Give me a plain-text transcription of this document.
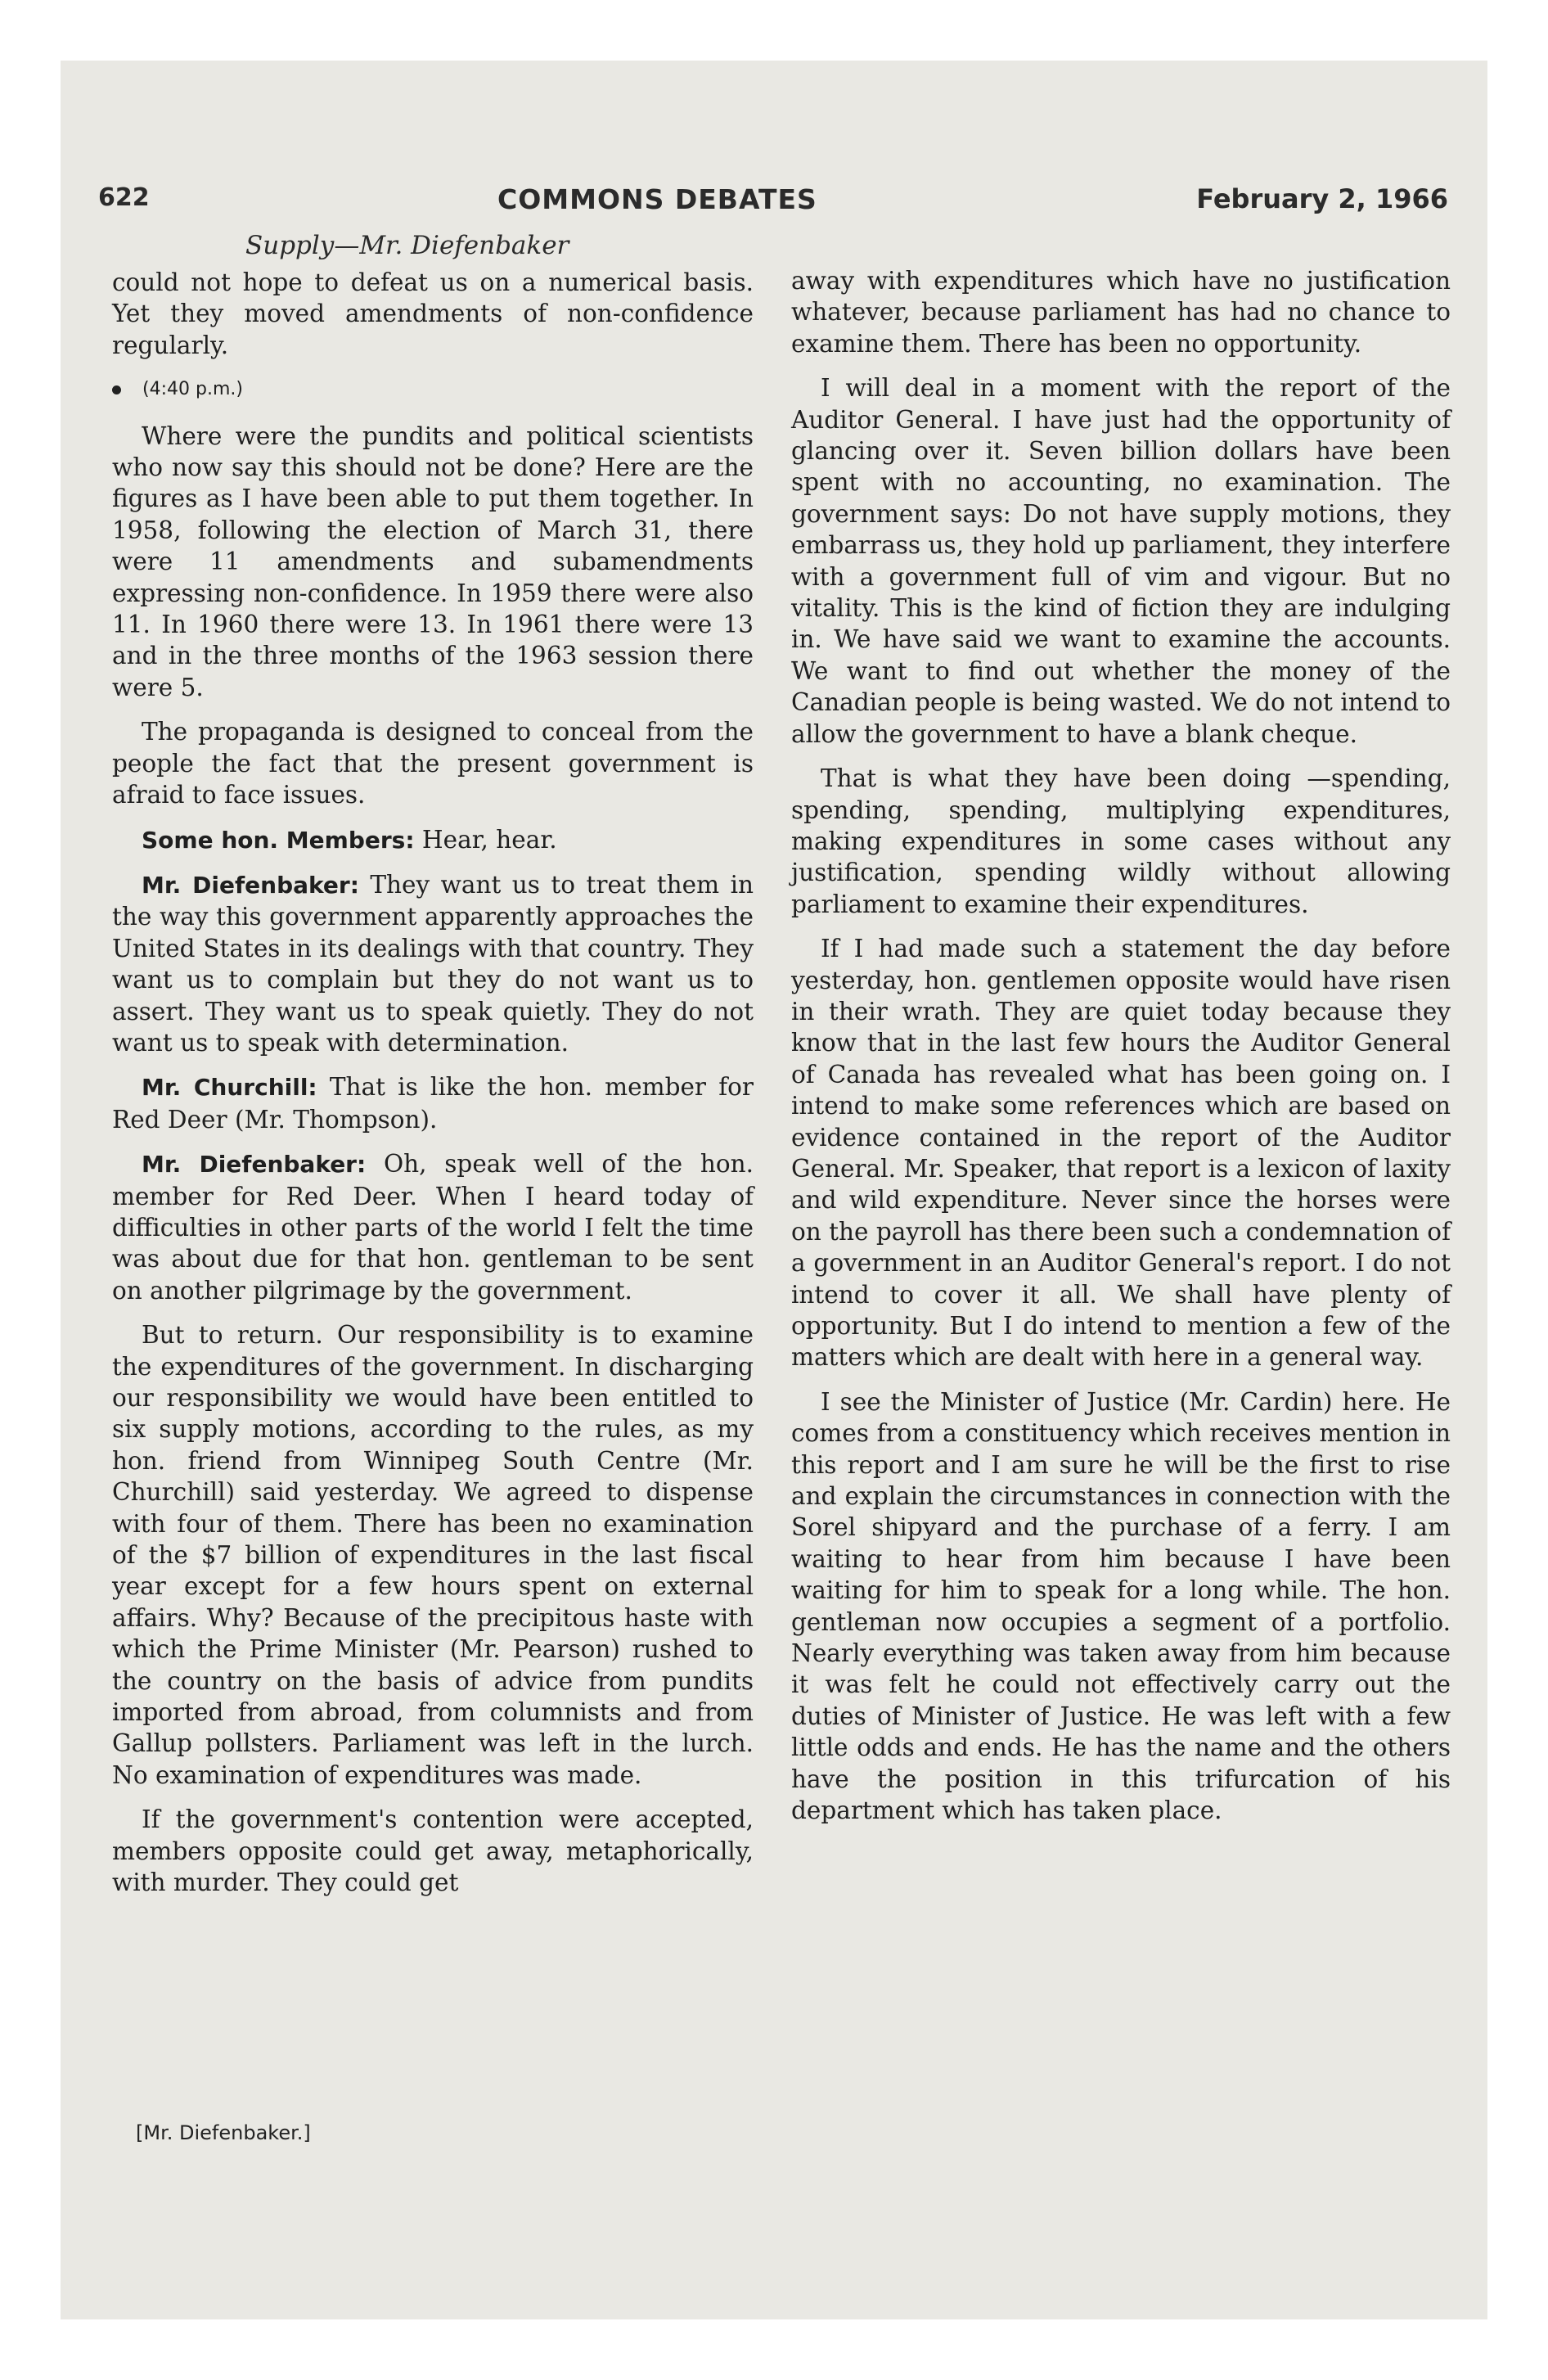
622	COMMONS DEBATES	February 2, 1966
Supply—Mr. Diefenbaker

could not hope to defeat us on a numerical basis. Yet they moved amendments of non-confidence regularly.

(4:40 p.m.)

Where were the pundits and political scientists who now say this should not be done? Here are the figures as I have been able to put them together. In 1958, following the election of March 31, there were 11 amendments and subamendments expressing non-confidence. In 1959 there were also 11. In 1960 there were 13. In 1961 there were 13 and in the three months of the 1963 session there were 5.

The propaganda is designed to conceal from the people the fact that the present government is afraid to face issues.

Some hon. Members: Hear, hear.

Mr. Diefenbaker: They want us to treat them in the way this government apparently approaches the United States in its dealings with that country. They want us to complain but they do not want us to assert. They want us to speak quietly. They do not want us to speak with determination.

Mr. Churchill: That is like the hon. member for Red Deer (Mr. Thompson).

Mr. Diefenbaker: Oh, speak well of the hon. member for Red Deer. When I heard today of difficulties in other parts of the world I felt the time was about due for that hon. gentleman to be sent on another pilgrimage by the government.

But to return. Our responsibility is to examine the expenditures of the government. In discharging our responsibility we would have been entitled to six supply motions, according to the rules, as my hon. friend from Winnipeg South Centre (Mr. Churchill) said yesterday. We agreed to dispense with four of them. There has been no examination of the $7 billion of expenditures in the last fiscal year except for a few hours spent on external affairs. Why? Because of the precipitous haste with which the Prime Minister (Mr. Pearson) rushed to the country on the basis of advice from pundits imported from abroad, from columnists and from Gallup pollsters. Parliament was left in the lurch. No examination of expenditures was made.

If the government's contention were accepted, members opposite could get away, metaphorically, with murder. They could get

away with expenditures which have no justification whatever, because parliament has had no chance to examine them. There has been no opportunity.

I will deal in a moment with the report of the Auditor General. I have just had the opportunity of glancing over it. Seven billion dollars have been spent with no accounting, no examination. The government says: Do not have supply motions, they embarrass us, they hold up parliament, they interfere with a government full of vim and vigour. But no vitality. This is the kind of fiction they are indulging in. We have said we want to examine the accounts. We want to find out whether the money of the Canadian people is being wasted. We do not intend to allow the government to have a blank cheque.

That is what they have been doing —spending, spending, spending, multiplying expenditures, making expenditures in some cases without any justification, spending wildly without allowing parliament to examine their expenditures.

If I had made such a statement the day before yesterday, hon. gentlemen opposite would have risen in their wrath. They are quiet today because they know that in the last few hours the Auditor General of Canada has revealed what has been going on. I intend to make some references which are based on evidence contained in the report of the Auditor General. Mr. Speaker, that report is a lexicon of laxity and wild expenditure. Never since the horses were on the payroll has there been such a condemnation of a government in an Auditor General's report. I do not intend to cover it all. We shall have plenty of opportunity. But I do intend to mention a few of the matters which are dealt with here in a general way.

I see the Minister of Justice (Mr. Cardin) here. He comes from a constituency which receives mention in this report and I am sure he will be the first to rise and explain the circumstances in connection with the Sorel shipyard and the purchase of a ferry. I am waiting to hear from him because I have been waiting for him to speak for a long while. The hon. gentleman now occupies a segment of a portfolio. Nearly everything was taken away from him because it was felt he could not effectively carry out the duties of Minister of Justice. He was left with a few little odds and ends. He has the name and the others have the position in this trifurcation of his department which has taken place.

[Mr. Diefenbaker.]
